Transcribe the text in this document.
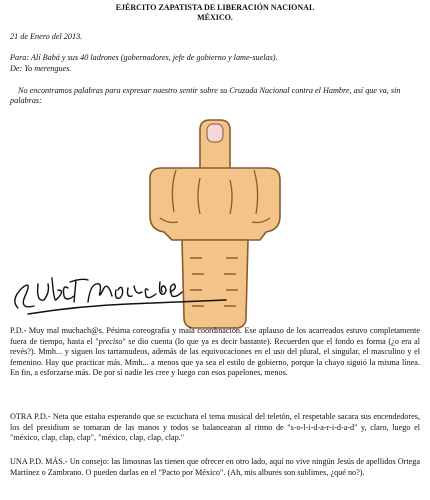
EJÉRCITO ZAPATISTA DE LIBERACIÓN NACIONAL
MÉXICO.
21 de Enero del 2013.
Para: Alí Babá y sus 40 ladrones (gobernadores, jefe de gobierno y lame-suelas).
De: Yo merengues.
No encontramos palabras para expresar nuestro sentir sobre su Cruzada Nacional contra el Hambre, así que va, sin palabras:
SubComandante
P.D.- Muy mal muchach@s. Pésima coreografía y mala coordinación. Ese aplauso de los acarreados estuvo completamente fuera de tiempo, hasta el "preciso" se dio cuenta (lo que ya es decir bastante). Recuerden que el fondo es forma (¿o era al revés?). Mmh... y siguen los tartamudeos, además de las equivocaciones en el uso del plural, el singular, el masculino y el femenino. Hay que practicar más. Mmh... a menos que ya sea el estilo de gobierno, porque la chayo siguió la misma línea. En fin, a esforzarse más. De por sí nadie les cree y luego con esos papelones, menos.
OTRA P.D.- Neta que estaba esperando que se escuchara el tema musical del teletón, el respetable sacara sus encendedores, los del presidium se tomaran de las manos y todos se balancearan al ritmo de "s-o-l-i-d-a-r-i-d-a-d" y, claro, luego el "méxico, clap, clap, clap", "méxico, clap, clap, clap."
UNA P.D. MÁS.- Un consejo: las limosnas las tienen que ofrecer en otro lado, aquí no vive ningún Jesús de apellidos Ortega Martínez o Zambrano. O pueden darlas en el "Pacto por México". (Ah, mis albures son sublimes, ¿qué no?).
